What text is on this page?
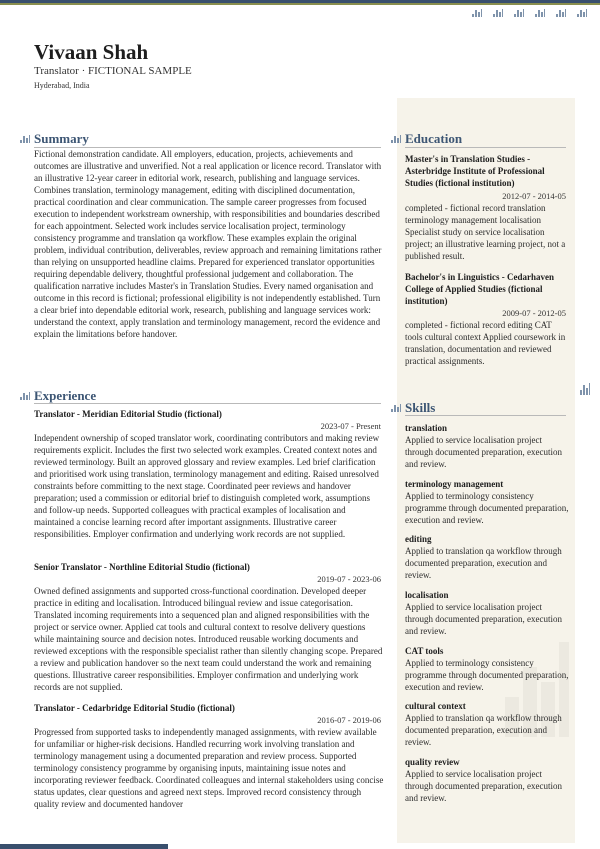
Vivaan Shah
Translator · FICTIONAL SAMPLE
Hyderabad, India
Summary
Fictional demonstration candidate. All employers, education, projects, achievements and outcomes are illustrative and unverified. Not a real application or licence record. Translator with an illustrative 12-year career in editorial work, research, publishing and language services. Combines translation, terminology management, editing with disciplined documentation, practical coordination and clear communication. The sample career progresses from focused execution to independent workstream ownership, with responsibilities and boundaries described for each appointment. Selected work includes service localisation project, terminology consistency programme and translation qa workflow. These examples explain the original problem, individual contribution, deliverables, review approach and remaining limitations rather than relying on unsupported headline claims. Prepared for experienced translator opportunities requiring dependable delivery, thoughtful professional judgement and collaboration. The qualification narrative includes Master's in Translation Studies. Every named organisation and outcome in this record is fictional; professional eligibility is not independently established. Turn a clear brief into dependable editorial work, research, publishing and language services work: understand the context, apply translation and terminology management, record the evidence and explain the limitations before handover.
Experience
Translator - Meridian Editorial Studio (fictional)
2023-07 - Present
Independent ownership of scoped translator work, coordinating contributors and making review requirements explicit. Includes the first two selected work examples. Created context notes and reviewed terminology. Built an approved glossary and review examples. Led brief clarification and prioritised work using translation, terminology management and editing. Raised unresolved constraints before committing to the next stage. Coordinated peer reviews and handover preparation; used a commission or editorial brief to distinguish completed work, assumptions and follow-up needs. Supported colleagues with practical examples of localisation and maintained a concise learning record after important assignments. Illustrative career responsibilities. Employer confirmation and underlying work records are not supplied.
Senior Translator - Northline Editorial Studio (fictional)
2019-07 - 2023-06
Owned defined assignments and supported cross-functional coordination. Developed deeper practice in editing and localisation. Introduced bilingual review and issue categorisation. Translated incoming requirements into a sequenced plan and aligned responsibilities with the project or service owner. Applied cat tools and cultural context to resolve delivery questions while maintaining source and decision notes. Introduced reusable working documents and reviewed exceptions with the responsible specialist rather than silently changing scope. Prepared a review and publication handover so the next team could understand the work and remaining questions. Illustrative career responsibilities. Employer confirmation and underlying work records are not supplied.
Translator - Cedarbridge Editorial Studio (fictional)
2016-07 - 2019-06
Progressed from supported tasks to independently managed assignments, with review available for unfamiliar or higher-risk decisions. Handled recurring work involving translation and terminology management using a documented preparation and review process. Supported terminology consistency programme by organising inputs, maintaining issue notes and incorporating reviewer feedback. Coordinated colleagues and internal stakeholders using concise status updates, clear questions and agreed next steps. Improved record consistency through quality review and documented handover
Education
Master's in Translation Studies - Asterbridge Institute of Professional Studies (fictional institution)
2012-07 - 2014-05
completed - fictional record translation terminology management localisation Specialist study on service localisation project; an illustrative learning project, not a published result.
Bachelor's in Linguistics - Cedarhaven College of Applied Studies (fictional institution)
2009-07 - 2012-05
completed - fictional record editing CAT tools cultural context Applied coursework in translation, documentation and reviewed practical assignments.
Skills
translation
Applied to service localisation project through documented preparation, execution and review.
terminology management
Applied to terminology consistency programme through documented preparation, execution and review.
editing
Applied to translation qa workflow through documented preparation, execution and review.
localisation
Applied to service localisation project through documented preparation, execution and review.
CAT tools
Applied to terminology consistency programme through documented preparation, execution and review.
cultural context
Applied to translation qa workflow through documented preparation, execution and review.
quality review
Applied to service localisation project through documented preparation, execution and review.
